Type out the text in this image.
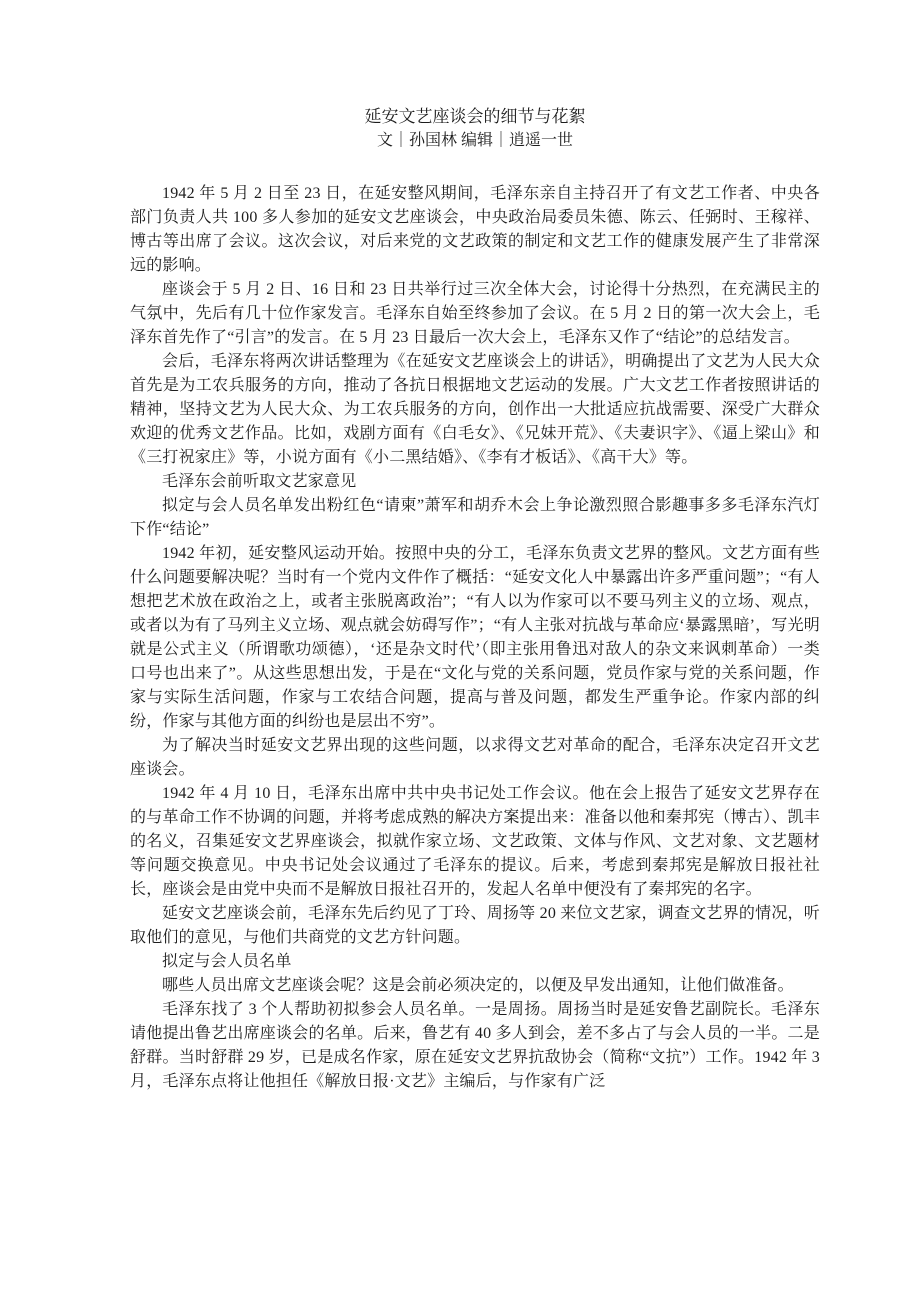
延安文艺座谈会的细节与花絮
文｜孙国林 编辑｜逍遥一世

1942 年 5 月 2 日至 23 日，在延安整风期间，毛泽东亲自主持召开了有文艺工作者、中央各部门负责人共 100 多人参加的延安文艺座谈会，中央政治局委员朱德、陈云、任弼时、王稼祥、博古等出席了会议。这次会议，对后来党的文艺政策的制定和文艺工作的健康发展产生了非常深远的影响。

座谈会于 5 月 2 日、16 日和 23 日共举行过三次全体大会，讨论得十分热烈，在充满民主的气氛中，先后有几十位作家发言。毛泽东自始至终参加了会议。在 5 月 2 日的第一次大会上，毛泽东首先作了“引言”的发言。在 5 月 23 日最后一次大会上，毛泽东又作了“结论”的总结发言。

会后，毛泽东将两次讲话整理为《在延安文艺座谈会上的讲话》，明确提出了文艺为人民大众首先是为工农兵服务的方向，推动了各抗日根据地文艺运动的发展。广大文艺工作者按照讲话的精神，坚持文艺为人民大众、为工农兵服务的方向，创作出一大批适应抗战需要、深受广大群众欢迎的优秀文艺作品。比如，戏剧方面有《白毛女》、《兄妹开荒》、《夫妻识字》、《逼上梁山》和《三打祝家庄》等，小说方面有《小二黑结婚》、《李有才板话》、《高干大》等。

毛泽东会前听取文艺家意见

拟定与会人员名单发出粉红色“请柬”萧军和胡乔木会上争论激烈照合影趣事多多毛泽东汽灯下作“结论”

1942 年初，延安整风运动开始。按照中央的分工，毛泽东负责文艺界的整风。文艺方面有些什么问题要解决呢？当时有一个党内文件作了概括：“延安文化人中暴露出许多严重问题”；“有人想把艺术放在政治之上，或者主张脱离政治”；“有人以为作家可以不要马列主义的立场、观点，或者以为有了马列主义立场、观点就会妨碍写作”；“有人主张对抗战与革命应‘暴露黑暗’，写光明就是公式主义（所谓歌功颂德），‘还是杂文时代’（即主张用鲁迅对敌人的杂文来讽刺革命）一类口号也出来了”。从这些思想出发，于是在“文化与党的关系问题，党员作家与党的关系问题，作家与实际生活问题，作家与工农结合问题，提高与普及问题，都发生严重争论。作家内部的纠纷，作家与其他方面的纠纷也是层出不穷”。

为了解决当时延安文艺界出现的这些问题，以求得文艺对革命的配合，毛泽东决定召开文艺座谈会。

1942 年 4 月 10 日，毛泽东出席中共中央书记处工作会议。他在会上报告了延安文艺界存在的与革命工作不协调的问题，并将考虑成熟的解决方案提出来：准备以他和秦邦宪（博古）、凯丰的名义，召集延安文艺界座谈会，拟就作家立场、文艺政策、文体与作风、文艺对象、文艺题材等问题交换意见。中央书记处会议通过了毛泽东的提议。后来，考虑到秦邦宪是解放日报社社长，座谈会是由党中央而不是解放日报社召开的，发起人名单中便没有了秦邦宪的名字。

延安文艺座谈会前，毛泽东先后约见了丁玲、周扬等 20 来位文艺家，调查文艺界的情况，听取他们的意见，与他们共商党的文艺方针问题。

拟定与会人员名单

哪些人员出席文艺座谈会呢？这是会前必须决定的，以便及早发出通知，让他们做准备。

毛泽东找了 3 个人帮助初拟参会人员名单。一是周扬。周扬当时是延安鲁艺副院长。毛泽东请他提出鲁艺出席座谈会的名单。后来，鲁艺有 40 多人到会，差不多占了与会人员的一半。二是舒群。当时舒群 29 岁，已是成名作家，原在延安文艺界抗敌协会（简称“文抗”）工作。1942 年 3 月，毛泽东点将让他担任《解放日报·文艺》主编后，与作家有广泛
